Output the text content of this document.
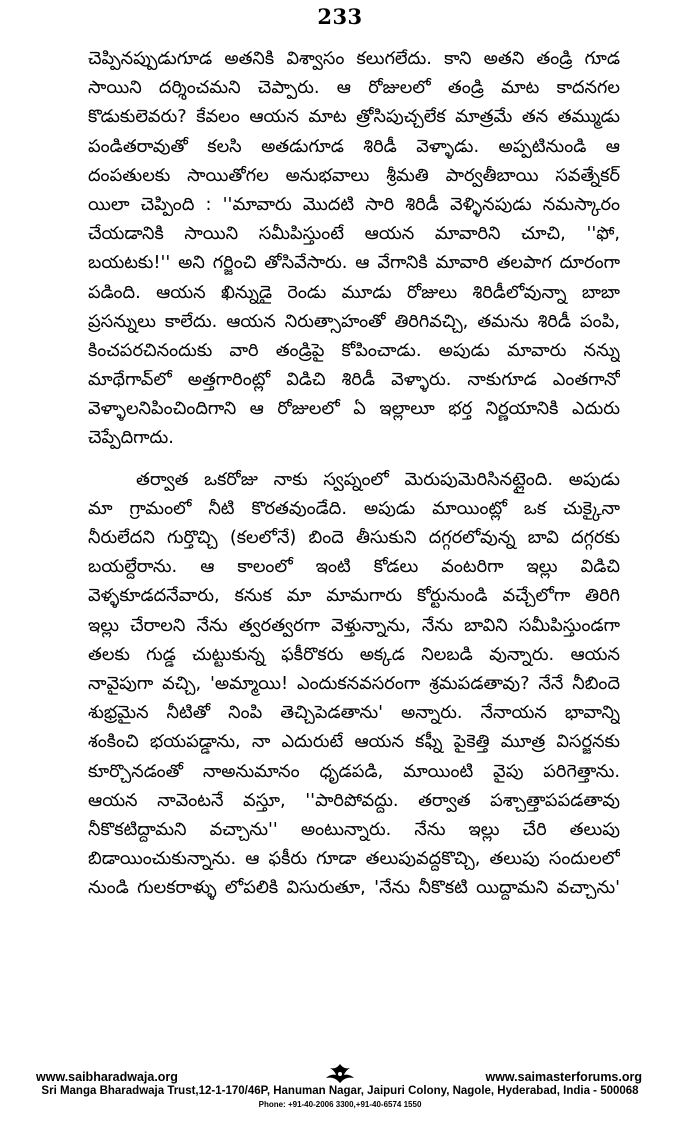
233
చెప్పినప్పుడుగూడ అతనికి విశ్వాసం కలుగలేదు. కాని అతని తండ్రి గూడ
సాయిని దర్శించమని చెప్పారు. ఆ రోజులలో తండ్రి మాట కాదనగల
కొడుకులెవరు? కేవలం ఆయన మాట త్రోసిపుచ్చలేక మాత్రమే తన తమ్ముడు
పండితరావుతో కలసి అతడుగూడ శిరిడీ వెళ్ళాడు. అప్పటినుండి ఆ
దంపతులకు సాయితోగల అనుభవాలు శ్రీమతి పార్వతీబాయి సవత్నేకర్
యిలా చెప్పింది : ''మావారు మొదటి సారి శిరిడీ వెళ్ళినపుడు నమస్కారం
చేయడానికి సాయిని సమీపిస్తుంటే ఆయన మావారిని చూచి, ''ఫో,
బయటకు!'' అని గర్జించి తోసివేసారు. ఆ వేగానికి మావారి తలపాగ దూరంగా
పడింది. ఆయన ఖిన్నుడై రెండు మూడు రోజులు శిరిడీలోవున్నా బాబా
ప్రసన్నులు కాలేదు. ఆయన నిరుత్సాహంతో తిరిగివచ్చి, తమను శిరిడీ పంపి,
కించపరచినందుకు వారి తండ్రిపై కోపించాడు. అపుడు మావారు నన్ను
మాథేగావ్‌లో అత్తగారింట్లో విడిచి శిరిడీ వెళ్ళారు. నాకుగూడ ఎంతగానో
వెళ్ళాలనిపించిందిగాని ఆ రోజులలో ఏ ఇల్లాలూ భర్త నిర్ణయానికి ఎదురు
చెప్పేదిగాదు.
తర్వాత ఒకరోజు నాకు స్వప్నంలో మెరుపుమెరిసినట్లైంది. అపుడు
మా గ్రామంలో నీటి కొరతవుండేది. అపుడు మాయింట్లో ఒక చుక్కైనా
నీరులేదని గుర్తొచ్చి (కలలోనే) బిందె తీసుకుని దగ్గరలోవున్న బావి దగ్గరకు
బయల్దేరాను. ఆ కాలంలో ఇంటి కోడలు వంటరిగా ఇల్లు విడిచి
వెళ్ళకూడదనేవారు, కనుక మా మామగారు కోర్టునుండి వచ్చేలోగా తిరిగి
ఇల్లు చేరాలని నేను త్వరత్వరగా వెళ్తున్నాను, నేను బావిని సమీపిస్తుండగా
తలకు గుడ్డ చుట్టుకున్న ఫకీరొకరు అక్కడ నిలబడి వున్నారు. ఆయన
నావైపుగా వచ్చి, 'అమ్మాయి! ఎందుకనవసరంగా శ్రమపడతావు? నేనే నీబిందె
శుభ్రమైన నీటితో నింపి తెచ్చిపెడతాను' అన్నారు. నేనాయన భావాన్ని
శంకించి భయపడ్డాను, నా ఎదురుటే ఆయన కఫ్నీ పైకెత్తి మూత్ర విసర్జనకు
కూర్చొనడంతో నాఅనుమానం ధృడపడి, మాయింటి వైపు పరిగెత్తాను.
ఆయన నావెంటనే వస్తూ, ''పారిపోవద్దు. తర్వాత పశ్చాత్తాపపడతావు
నీకొకటిద్దామని వచ్చాను'' అంటున్నారు. నేను ఇల్లు చేరి తలుపు
బిడాయించుకున్నాను. ఆ ఫకీరు గూడా తలుపువద్దకొచ్చి, తలుపు సందులలో
నుండి గులకరాళ్ళు లోపలికి విసురుతూ, 'నేను నీకొకటి యిద్దామని వచ్చాను'
www.saibharadwaja.org	www.saimasterforums.org
Sri Manga Bharadwaja Trust,12-1-170/46P, Hanuman Nagar, Jaipuri Colony, Nagole, Hyderabad, India - 500068
Phone: +91-40-2006 3300,+91-40-6574 1550
